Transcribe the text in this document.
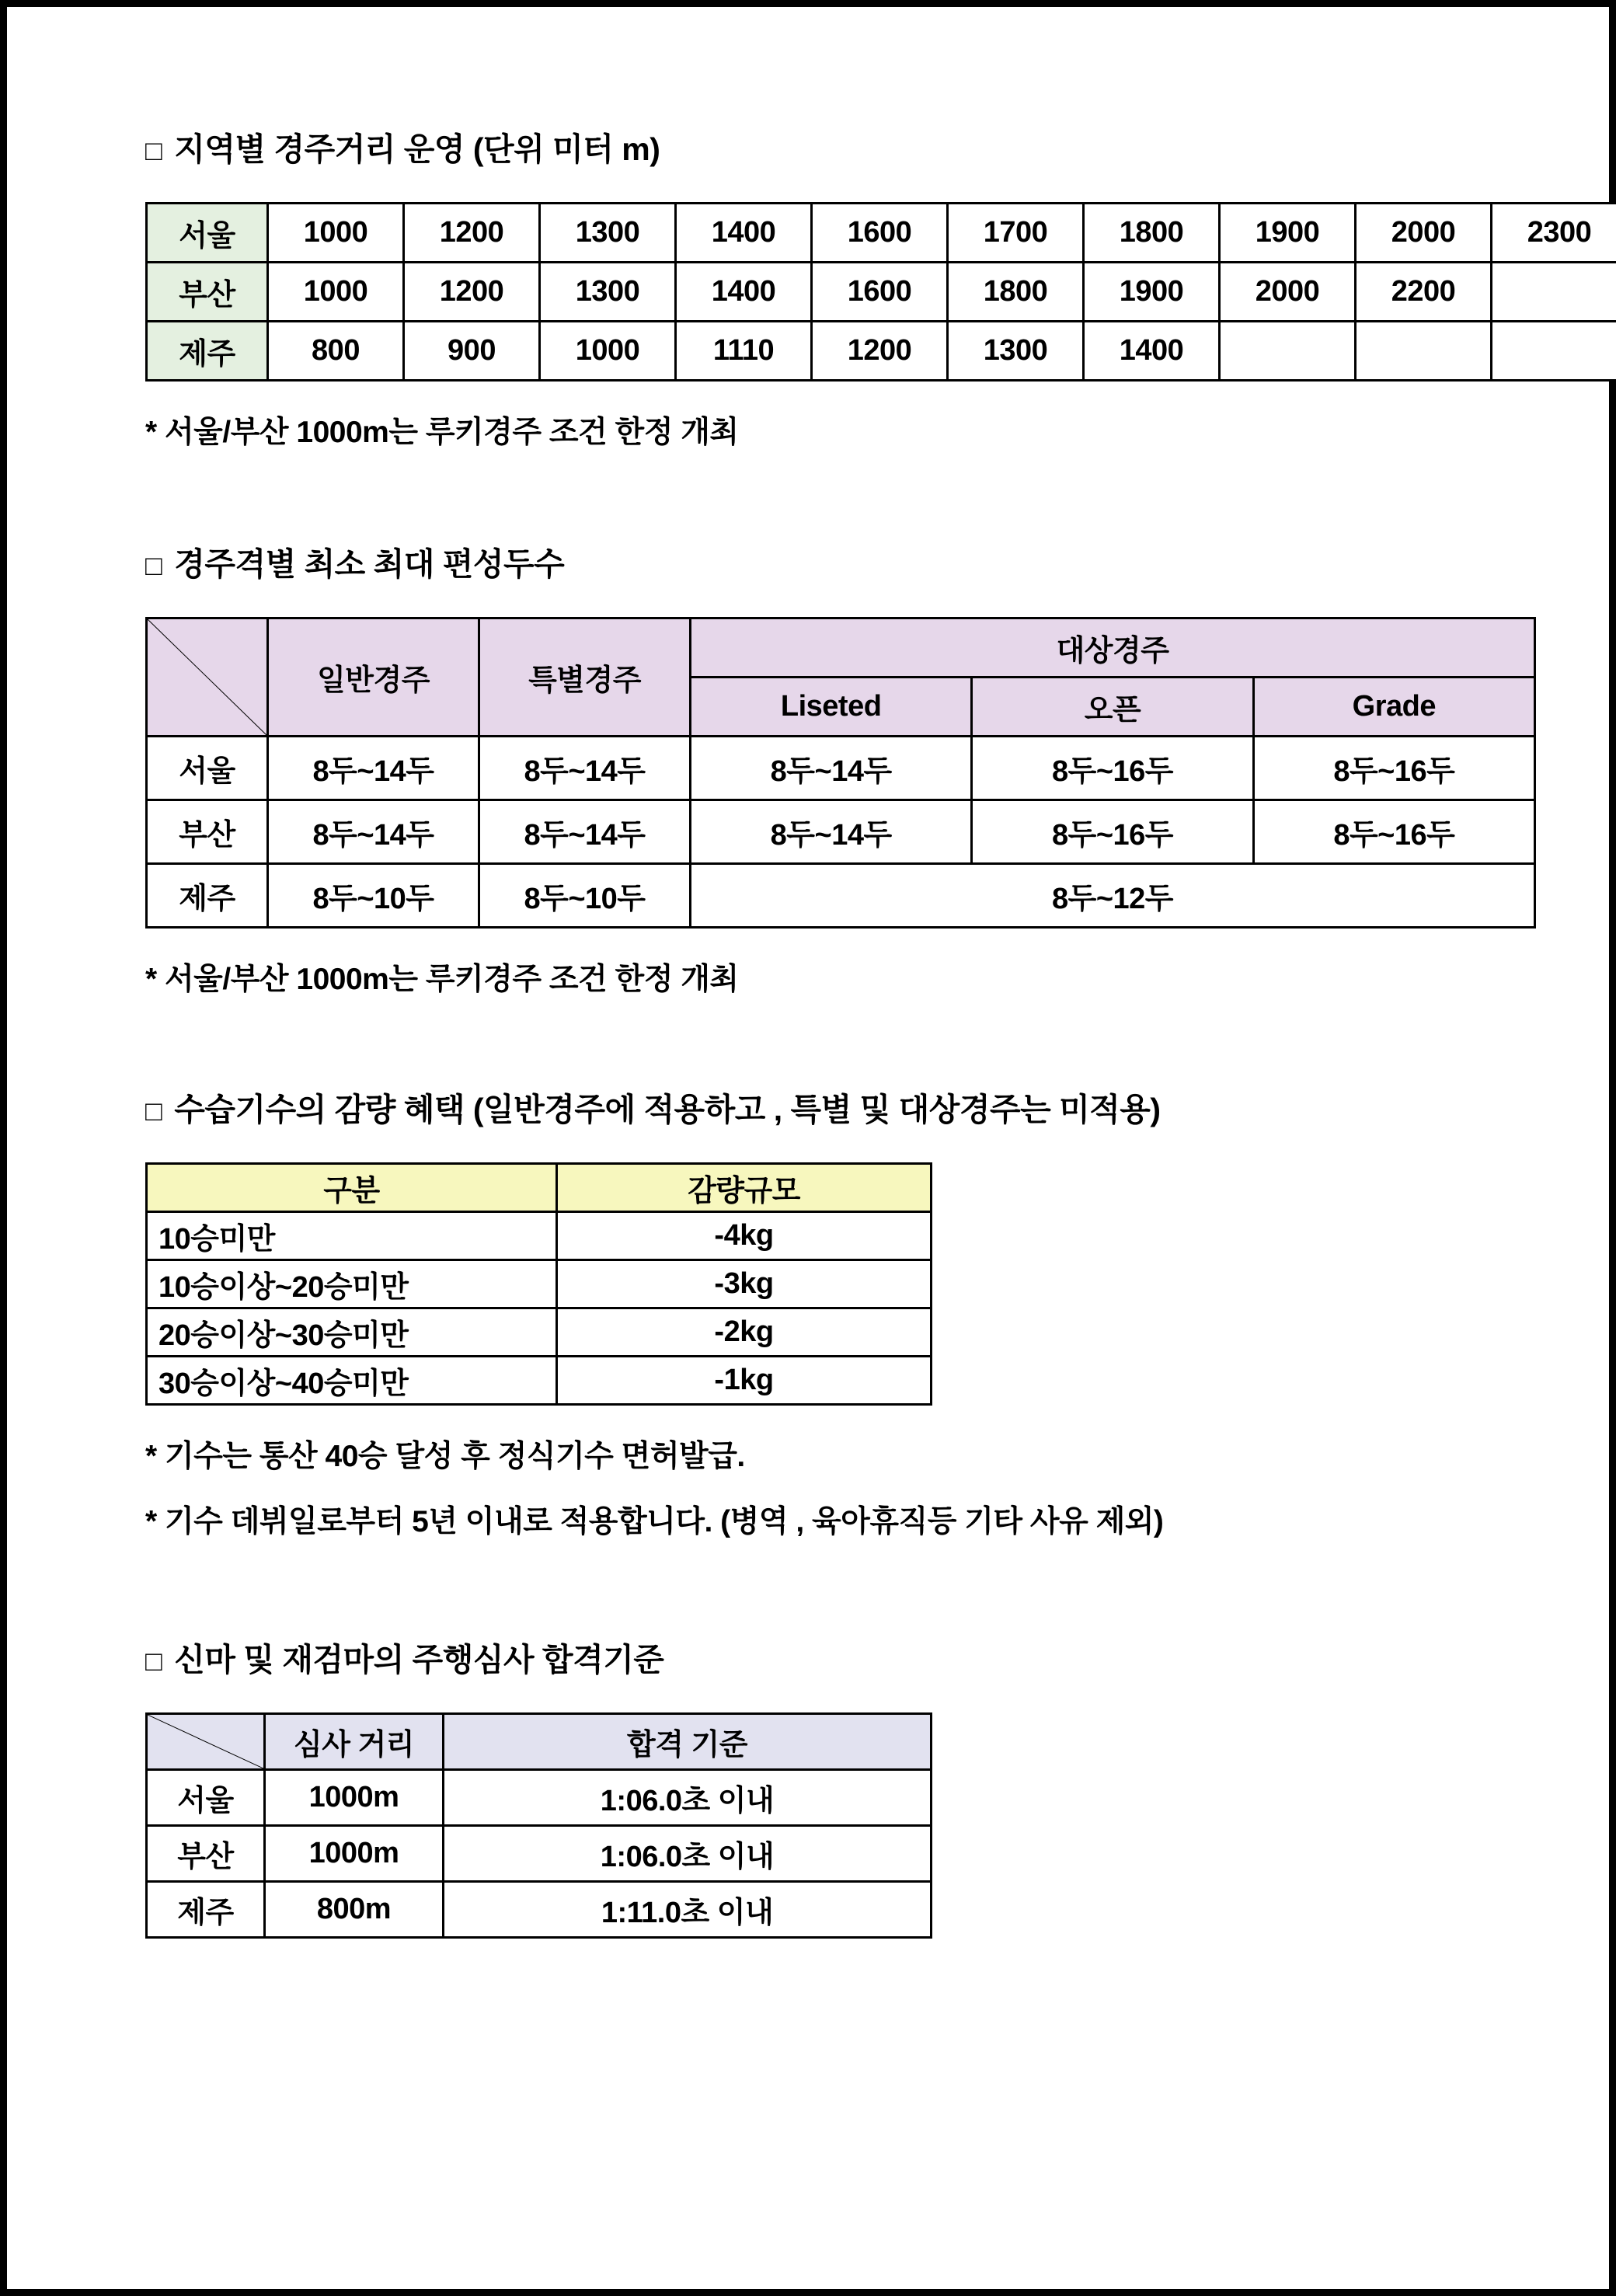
□ 지역별 경주거리 운영 (단위 미터 m)
서울	1000	1200	1300	1400	1600	1700	1800	1900	2000	2300
부산	1000	1200	1300	1400	1600	1800	1900	2000	2200	
제주	800	900	1000	1110	1200	1300	1400			
* 서울/부산 1000m는 루키경주 조건 한정 개최
□ 경주격별 최소 최대 편성두수
	일반경주	특별경주	대상경주		
			Liseted	오픈	Grade
서울	8두~14두	8두~14두	8두~14두	8두~16두	8두~16두
부산	8두~14두	8두~14두	8두~14두	8두~16두	8두~16두
제주	8두~10두	8두~10두	8두~12두		
* 서울/부산 1000m는 루키경주 조건 한정 개최
□ 수습기수의 감량 혜택 (일반경주에 적용하고 , 특별 및 대상경주는 미적용)
구분	감량규모
10승미만	-4kg
10승이상~20승미만	-3kg
20승이상~30승미만	-2kg
30승이상~40승미만	-1kg
* 기수는 통산 40승 달성 후 정식기수 면허발급.
* 기수 데뷔일로부터 5년 이내로 적용합니다. (병역 , 육아휴직등 기타 사유 제외)
□ 신마 및 재검마의 주행심사 합격기준
	심사 거리	합격 기준
서울	1000m	1:06.0초 이내
부산	1000m	1:06.0초 이내
제주	800m	1:11.0초 이내
